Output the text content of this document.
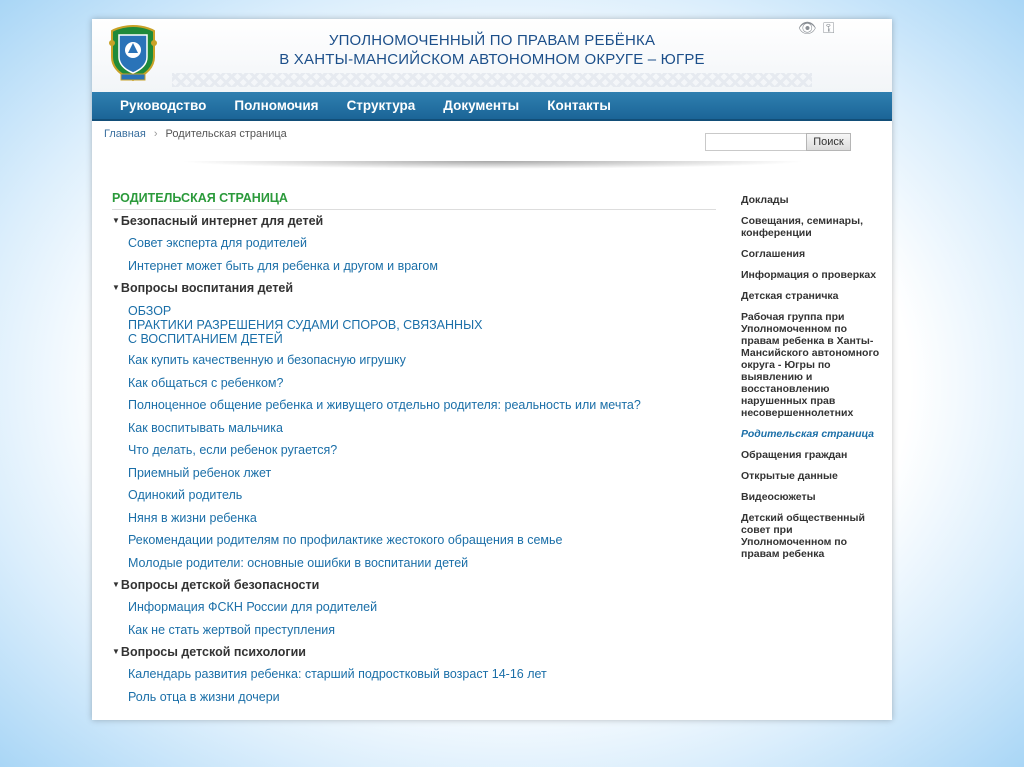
УПОЛНОМОЧЕННЫЙ ПО ПРАВАМ РЕБЁНКА
В ХАНТЫ-МАНСИЙСКОМ АВТОНОМНОМ ОКРУГЕ – ЮГРЕ
👁 ⚿
Руководство Полномочия Структура Документы Контакты
Главная › Родительская страница
Поиск
РОДИТЕЛЬСКАЯ СТРАНИЦА
▼Безопасный интернет для детей
Совет эксперта для родителей
Интернет может быть для ребенка и другом и врагом
▼Вопросы воспитания детей
ОБЗОР
ПРАКТИКИ РАЗРЕШЕНИЯ СУДАМИ СПОРОВ, СВЯЗАННЫХ
С ВОСПИТАНИЕМ ДЕТЕЙ
Как купить качественную и безопасную игрушку
Как общаться с ребенком?
Полноценное общение ребенка и живущего отдельно родителя: реальность или мечта?
Как воспитывать мальчика
Что делать, если ребенок ругается?
Приемный ребенок лжет
Одинокий родитель
Няня в жизни ребенка
Рекомендации родителям по профилактике жестокого обращения в семье
Молодые родители: основные ошибки в воспитании детей
▼Вопросы детской безопасности
Информация ФСКН России для родителей
Как не стать жертвой преступления
▼Вопросы детской психологии
Календарь развития ребенка: старший подростковый возраст 14-16 лет
Роль отца в жизни дочери
Доклады
Совещания, семинары, конференции
Соглашения
Информация о проверках
Детская страничка
Рабочая группа при Уполномоченном по правам ребенка в Ханты-Мансийского автономного округа - Югры по выявлению и восстановлению нарушенных прав несовершеннолетних
Родительская страница
Обращения граждан
Открытые данные
Видеосюжеты
Детский общественный совет при Уполномоченном по правам ребенка
